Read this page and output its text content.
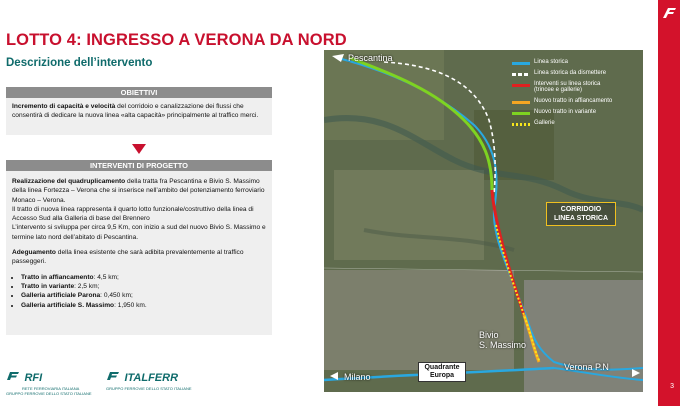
LOTTO 4: INGRESSO A VERONA DA NORD
Descrizione dell’intervento
3
OBIETTIVI

Incremento di capacità e velocità del corridoio e canalizzazione dei flussi che consentirà di dedicare la nuova linea «alta capacità» principalmente al traffico merci.

INTERVENTI DI PROGETTO

Realizzazione del quadruplicamento della tratta fra Pescantina e Bivio S. Massimo della linea Fortezza – Verona che si inserisce nell’ambito del potenziamento ferroviario Monaco – Verona.

Il tratto di nuova linea rappresenta il quarto lotto funzionale/costruttivo della linea di Accesso Sud alla Galleria di base del Brennero

L’intervento si sviluppa per circa 9,5 Km, con inizio a sud del nuovo Bivio S. Massimo e termine lato nord dell’abitato di Pescantina.

Adeguamento della linea esistente che sarà adibita prevalentemente al traffico passeggeri.

• Tratto in affiancamento: 4,5 km;
• Tratto in variante: 2,5 km;
• Galleria artificiale Parona: 0,450 km;
• Galleria artificiale S. Massimo: 1,950 km.
Linea storica
Linea storica da dismettere
Interventi su linea storica
(trincee e gallerie)
Nuovo tratto in affiancamento
Nuovo tratto in variante
Gallerie
Pescantina
Milano
Verona P.N
Bivio
S. Massimo
CORRIDOIO
LINEA STORICA
Quadrante
Europa
RFI
RETE FERROVIARIA ITALIANA
GRUPPO FERROVIE DELLO STATO ITALIANE
ITALFERR
GRUPPO FERROVIE DELLO STATO ITALIANE
